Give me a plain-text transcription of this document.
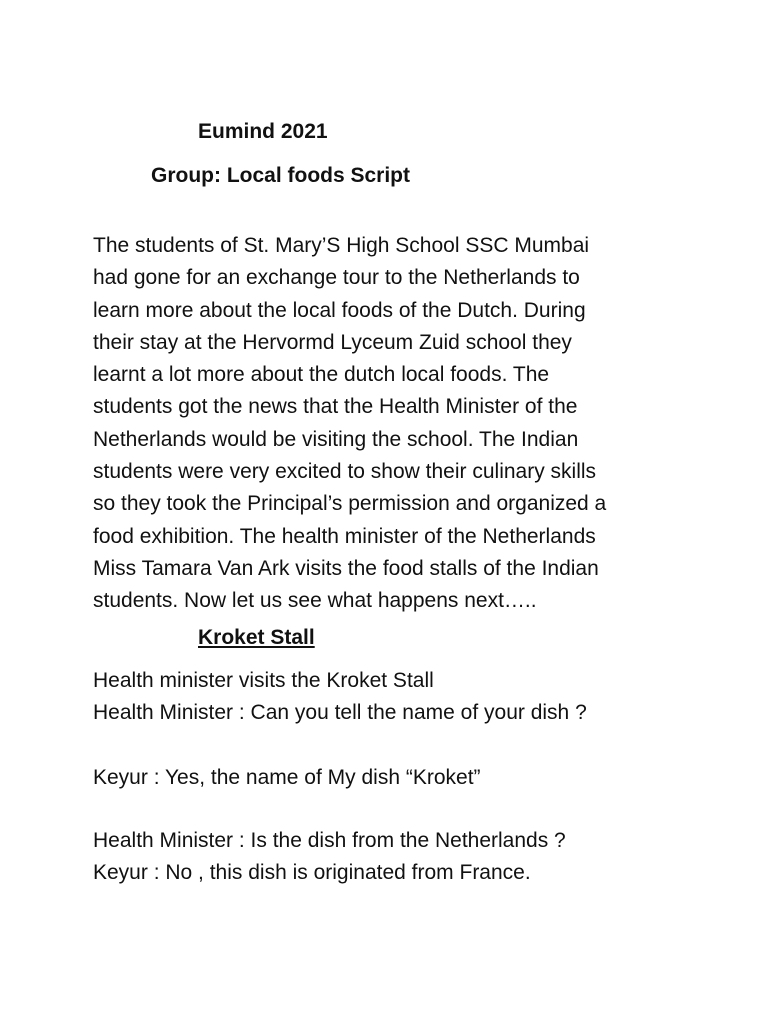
Eumind 2021
Group: Local foods Script
The students of St. Mary’S High School SSC Mumbai
had gone for an exchange tour to the Netherlands to
learn more about the local foods of the Dutch. During
their stay at the Hervormd Lyceum Zuid school they
learnt a lot more about the dutch local foods. The
students got the news that the Health Minister of the
Netherlands would be visiting the school. The Indian
students were very excited to show their culinary skills
so they took the Principal’s permission and organized a
food exhibition. The health minister of the Netherlands
Miss Tamara Van Ark visits the food stalls of the Indian
students. Now let us see what happens next…..
Kroket Stall
Health minister visits the Kroket Stall
Health Minister : Can you tell the name of your dish ?
Keyur : Yes, the name of My dish “Kroket”
Health Minister : Is the dish from the Netherlands ?
Keyur : No , this dish is originated from France.
